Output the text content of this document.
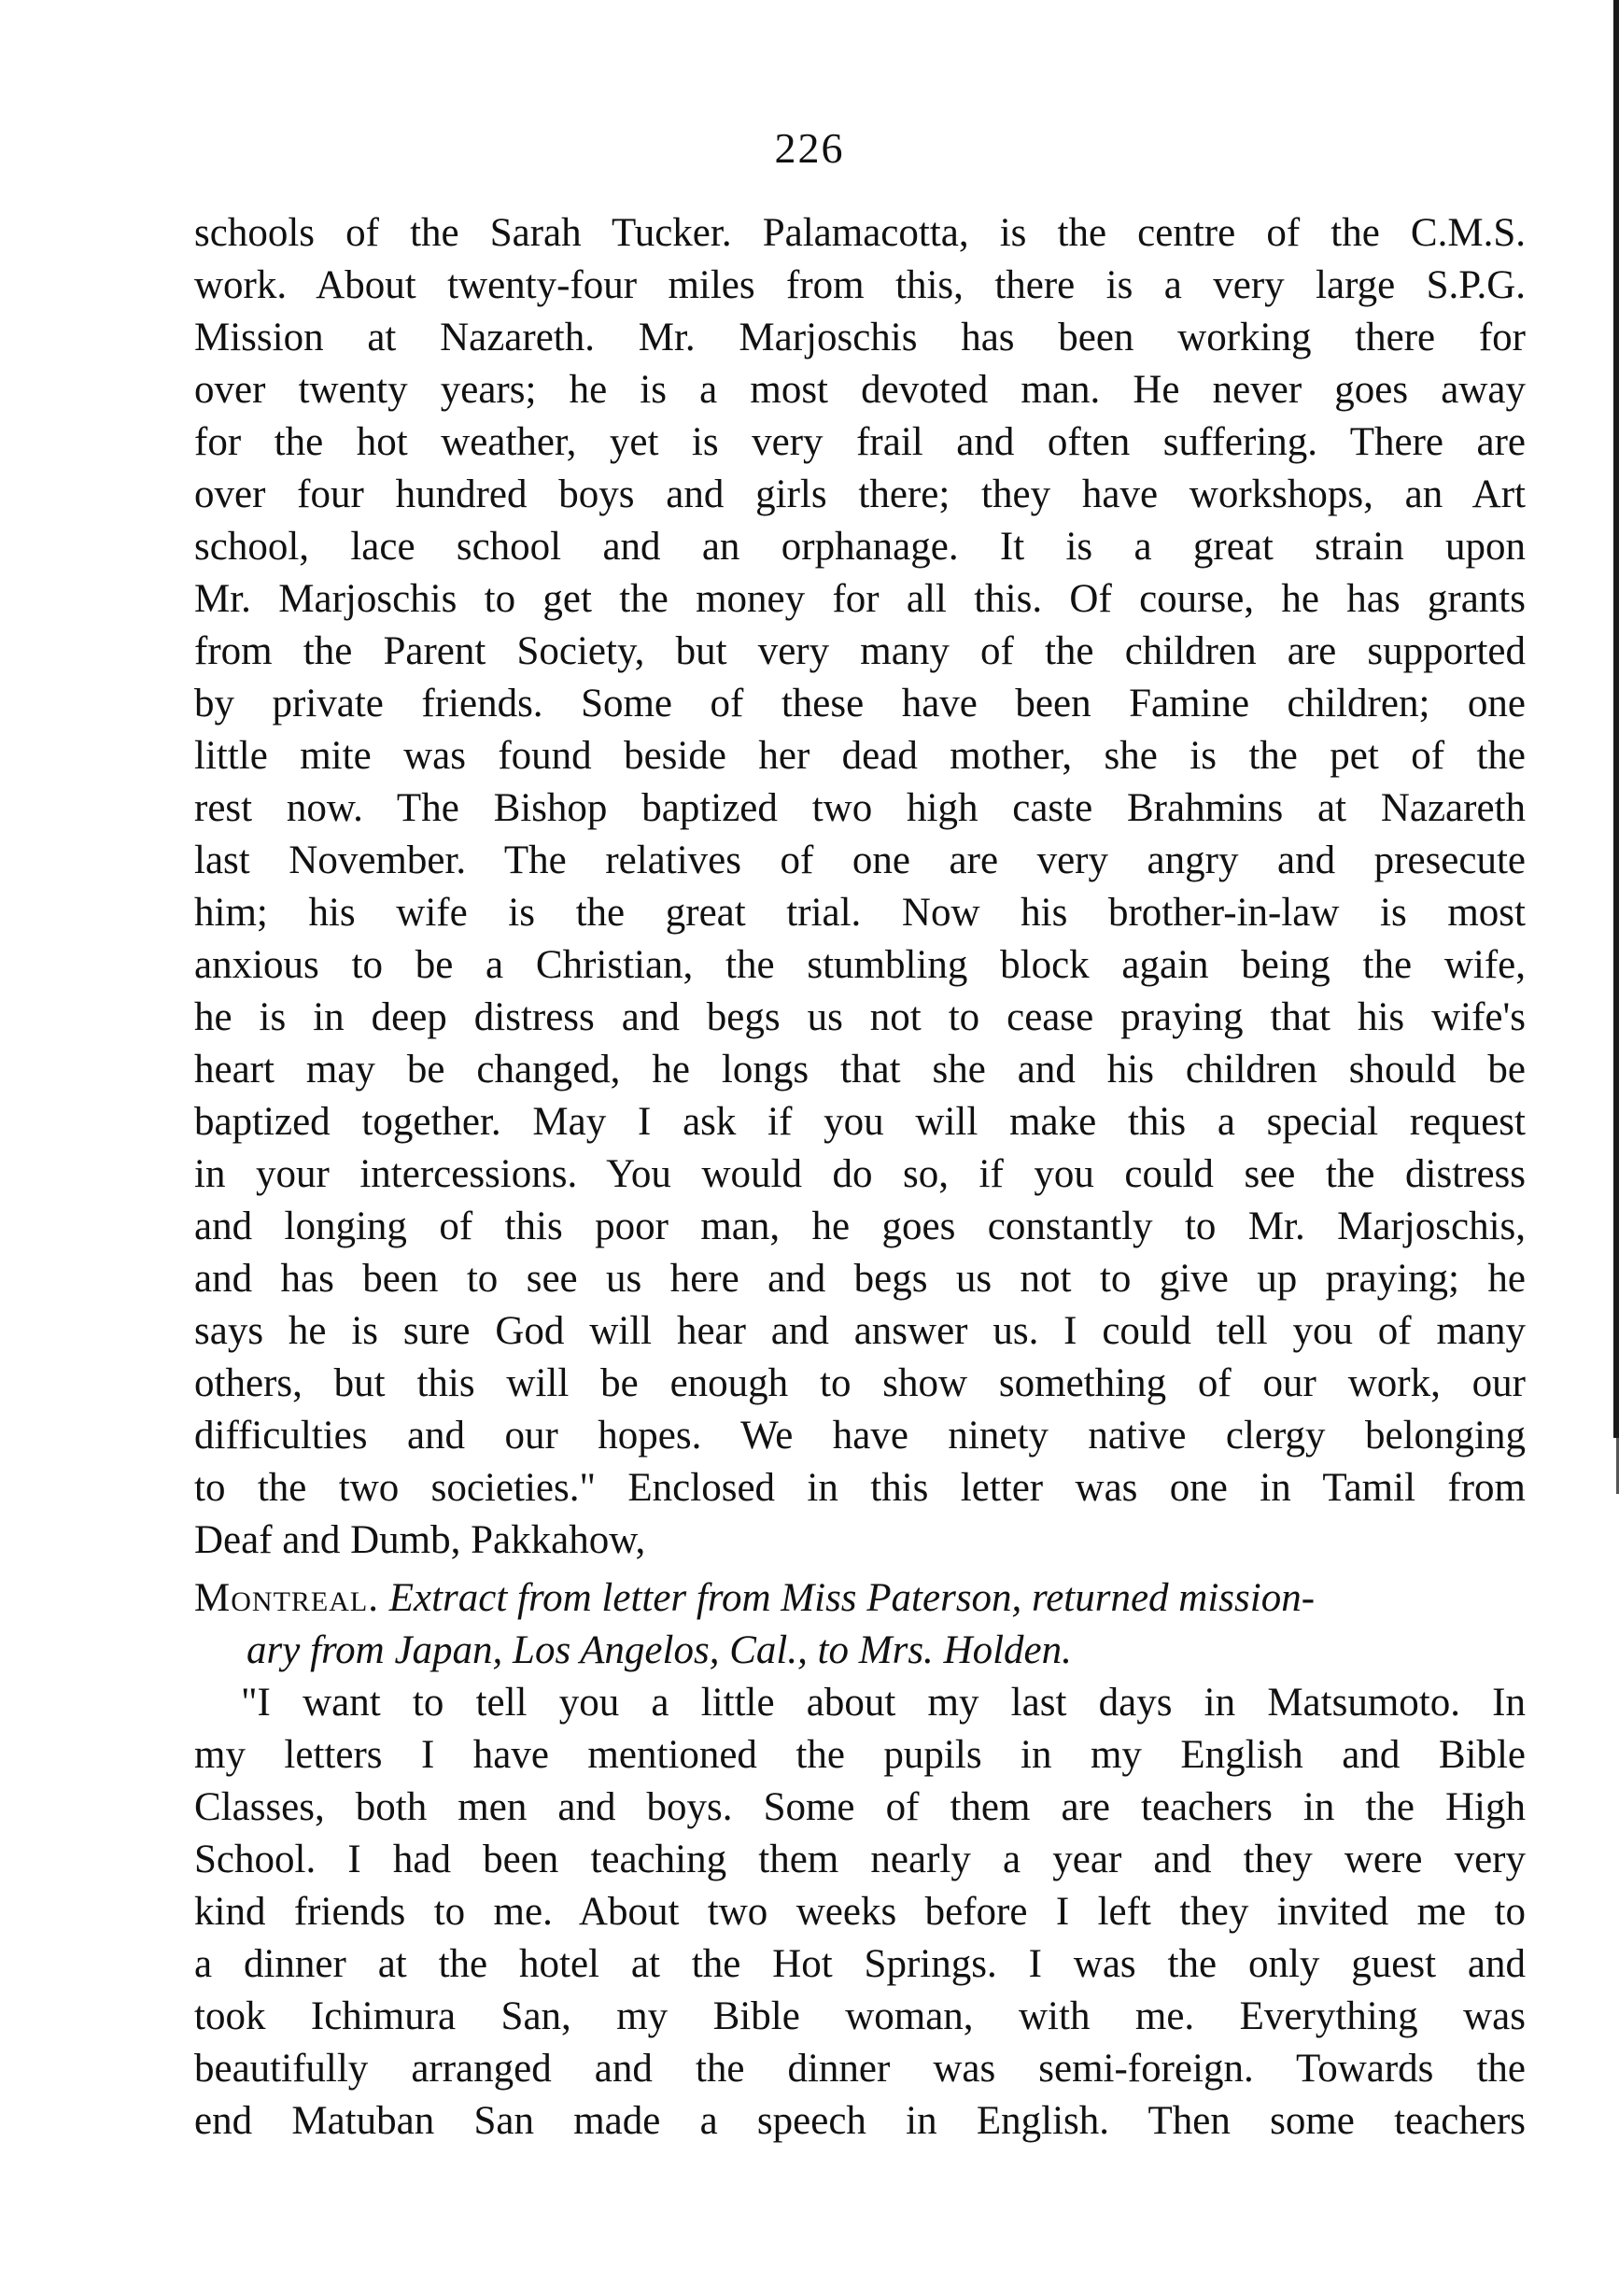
226
schools of the Sarah Tucker. Palamacotta, is the centre of the C.M.S.
work. About twenty-four miles from this, there is a very large S.P.G.
Mission at Nazareth. Mr. Marjoschis has been working there for
over twenty years; he is a most devoted man. He never goes away
for the hot weather, yet is very frail and often suffering. There are
over four hundred boys and girls there; they have workshops, an Art
school, lace school and an orphanage. It is a great strain upon
Mr. Marjoschis to get the money for all this. Of course, he has grants
from the Parent Society, but very many of the children are supported
by private friends. Some of these have been Famine children; one
little mite was found beside her dead mother, she is the pet of the
rest now. The Bishop baptized two high caste Brahmins at Nazareth
last November. The relatives of one are very angry and presecute
him; his wife is the great trial. Now his brother-in-law is most
anxious to be a Christian, the stumbling block again being the wife,
he is in deep distress and begs us not to cease praying that his wife's
heart may be changed, he longs that she and his children should be
baptized together. May I ask if you will make this a special request
in your intercessions. You would do so, if you could see the distress
and longing of this poor man, he goes constantly to Mr. Marjoschis,
and has been to see us here and begs us not to give up praying; he
says he is sure God will hear and answer us. I could tell you of many
others, but this will be enough to show something of our work, our
difficulties and our hopes. We have ninety native clergy belonging
to the two societies." Enclosed in this letter was one in Tamil from
Deaf and Dumb, Pakkahow,
Montreal. Extract from letter from Miss Paterson, returned mission-
ary from Japan, Los Angelos, Cal., to Mrs. Holden.
"I want to tell you a little about my last days in Matsumoto. In
my letters I have mentioned the pupils in my English and Bible
Classes, both men and boys. Some of them are teachers in the High
School. I had been teaching them nearly a year and they were very
kind friends to me. About two weeks before I left they invited me to
a dinner at the hotel at the Hot Springs. I was the only guest and
took Ichimura San, my Bible woman, with me. Everything was
beautifully arranged and the dinner was semi-foreign. Towards the
end Matuban San made a speech in English. Then some teachers
